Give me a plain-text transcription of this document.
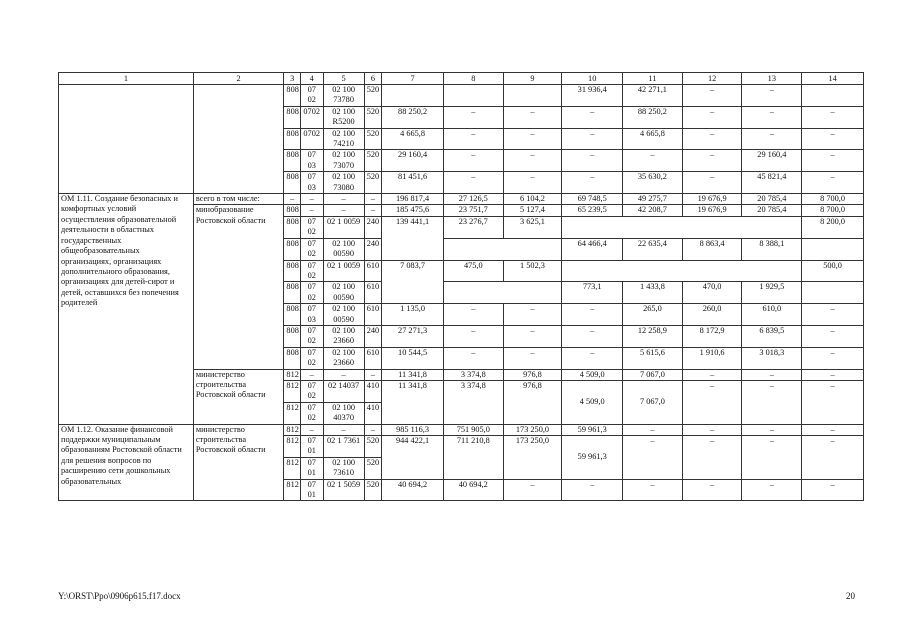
1	2	3	4	5	6	7	8	9	10	11	12	13	14
		808	07 02	02 100 73780	520				31 936,4	42 271,1	–	–	
		808	0702	02 100 R5200	520	88 250,2	–	–	–	88 250,2	–	–	–
		808	0702	02 100 74210	520	4 665,8	–	–	–	4 665,8	–	–	–
		808	07 03	02 100 73070	520	29 160,4	–	–	–	–	–	29 160,4	–
		808	07 03	02 100 73080	520	81 451,6	–	–	–	35 630,2	–	45 821,4	–
ОМ 1.11. Создание безопасных и комфортных условий осуществления образовательной деятельности в областных государственных общеобразовательных организациях, организациях дополнительного образования, организациях для детей-сирот и детей, оставшихся без попечения родителей	всего в том числе:	–	–	–	–	196 817,4	27 126,5	6 104,2	69 748,5	49 275,7	19 676,9	20 785,4	8 700,0
	минобразование Ростовской области	808	–	–	–	185 475,6	23 751,7	5 127,4	65 239,5	42 208,7	19 676,9	20 785,4	8 700,0
		808	07 02	02 1 0059	240	139 441,1	23 276,7	3 625,1					8 200,0
		808	07 02	02 100 00590	240				64 466,4	22 635,4	8 863,4	8 388,1	
		808	07 02	02 1 0059	610	7 083,7	475,0	1 502,3					500,0
		808	07 02	02 100 00590	610				773,1	1 433,8	470,0	1 929,5	
		808	07 03	02 100 00590	610	1 135,0	–	–	–	265,0	260,0	610,0	–
		808	07 02	02 100 23660	240	27 271,3	–	–	–	12 258,9	8 172,9	6 839,5	–
		808	07 02	02 100 23660	610	10 544,5	–	–	–	5 615,6	1 910,6	3 018,3	–
	министерство строительства Ростовской области	812	–	–	–	11 341,8	3 374,8	976,8	4 509,0	7 067,0	–	–	–
		812	07 02	02 14037	410	11 341,8	3 374,8	976,8	4 509,0	7 067,0	–	–	–
		812	07 02	02 100 40370	410								
ОМ 1.12. Оказание финансовой поддержки муниципальным образованиям Ростовской области для решения вопросов по расширению сети дошкольных образовательных	министерство строительства Ростовской области	812	–	–	–	985 116,3	751 905,0	173 250,0	59 961,3	–	–	–	–
		812	07 01	02 1 7361	520	944 422,1	711 210,8	173 250,0	59 961,3	–	–	–	–
		812	07 01	02 100 73610	520								
		812	07 01	02 1 5059	520	40 694,2	40 694,2	–	–	–	–	–	–
Y:\ORST\Ppo\0906p615.f17.docx	20
